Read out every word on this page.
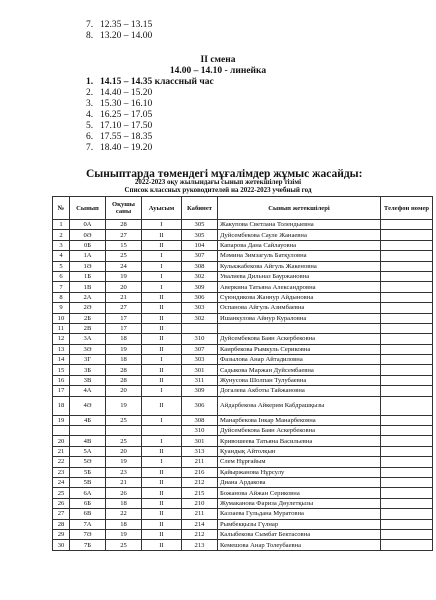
7. 12.35 – 13.15
8. 13.20 – 14.00
II смена
14.00 – 14.10 - линейка
1. 14.15 – 14.35 классный час
2. 14.40 – 15.20
3. 15.30 – 16.10
4. 16.25 – 17.05
5. 17.10 – 17.50
6. 17.55 – 18.35
7. 18.40 – 19.20
Сыныптарда төмендегі мұғалімдер жұмыс жасайды:
2022-2023 оқу жылындағы сынып жетекшілер тізімі
Список классных руководителей на 2022-2023 учебный год
№	Сынып	Оқушы саны	Ауысым	Кабинет	Сынып жетекшілері	Телефон номер
1	0А	28	I	305	Жакупова Светлана Толендыевна	
2	0Ә	27	II	305	Дуйсембекова Сауле Жанаевна	
3	0Б	15	II	104	Капарова Дана Сайлауовна	
4	1А	25	I	307	Мәмина Зимзагуль Батқуловна	
5	1Ә	24	I	308	Кулькжабекова Айгуль Жакеновна	
6	1Б	19	I	302	Увалиева Дильназ Бауржановна	
7	1В	20	I	309	Аверкина Татьяна Александровна	
8	2А	21	II	306	Сүюндикова Жаннур Айдыновна	
9	2Ә	27	II	303	Оспанова Айгуль Азимбаевна	
10	2Б	17	II	302	Ишанкулова Айнур Кураловна	
11	2В	17	II			
12	3А	18	II	310	Дуйсембекова Баян Аскербековна	
13	3Ә	19	II	307	Каирбекова Рымкуль Сериковна	
14	3Г	18	I	303	Фазылова Анар Айтадиловна	
15	3Б	28	II	301	Садыкова Маржан Дуйсембаевна	
16	3В	28	II	311	Жунусова Шолпан Тулубаевна	
17	4А	20	I	309	Догалева Акботы Тайжановна	
18	4Ә	19	II	306	Айдарбекова Айкерим Кабдрашқызы	
19	4Б	25	I	308	Манарбекова Інкар Манарбековна	
				310	Дуйсембекова Баян Аскербековна	
20	4В	25	I	301	Кривошеева Татьяна Васильевна	
21	5А	20	II	313	Қуандық Айтолқын	
22	5Ә	19	I	211	Слем Нұрғайым	
23	5Б	23	II	216	Қайыржанова Нұрсулу	
24	5В	21	II	212	Диана Ардакова	
25	6А	26	II	215	Божанова Айжан Сериковна	
26	6Б	18	II	210	Жумаканова Фариза Дөулетқызы	
27	6В	22	II	211	Каззаева Гульдана Муратовна	
28	7А	18	II	214	Рымбекқызы Гүлнар	
29	7Ә	19	II	212	Калыбекова Сымбат Бектасовна	
30	7Б	25	II	213	Кемешова Анар Толеубаевна	
